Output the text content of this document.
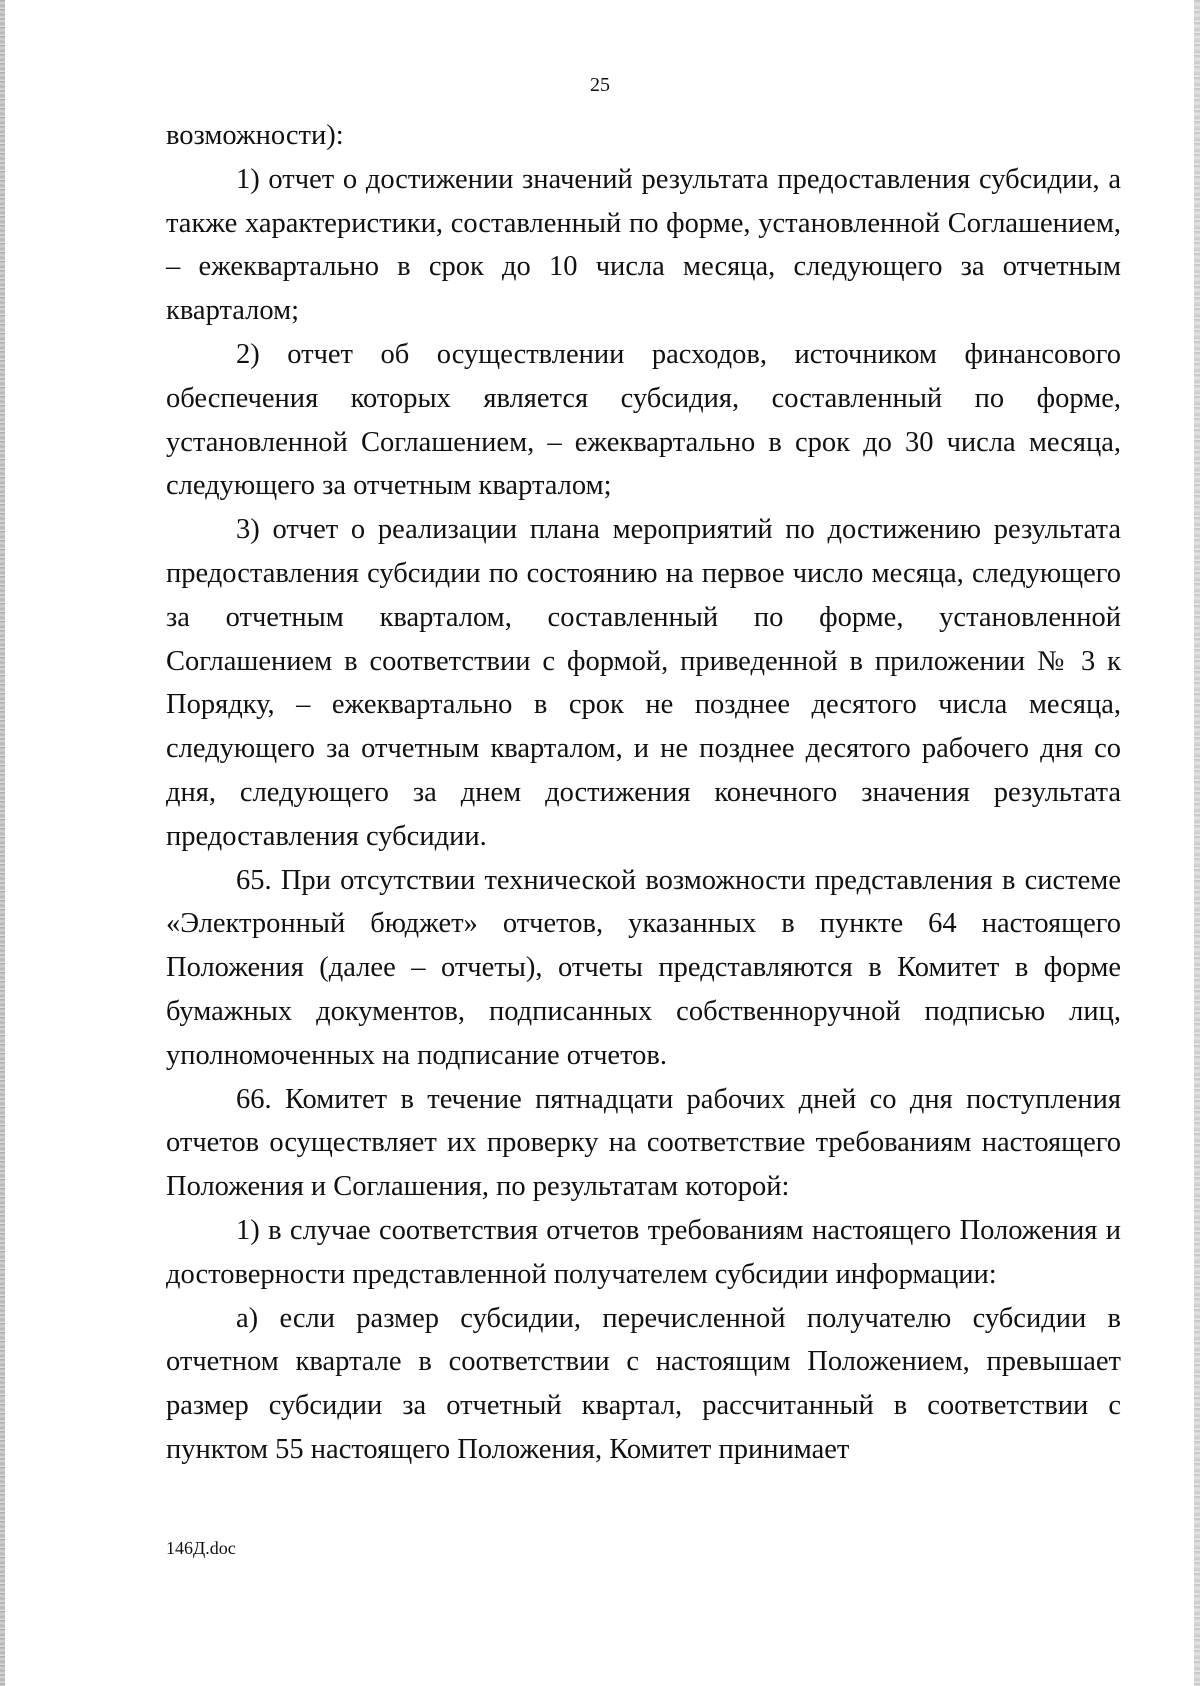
25

возможности):

1) отчет о достижении значений результата предоставления субсидии, а также характеристики, составленный по форме, установленной Соглашением, – ежеквартально в срок до 10 числа месяца, следующего за отчетным кварталом;

2) отчет об осуществлении расходов, источником финансового обеспечения которых является субсидия, составленный по форме, установленной Соглашением, – ежеквартально в срок до 30 числа месяца, следующего за отчетным кварталом;

3) отчет о реализации плана мероприятий по достижению результата предоставления субсидии по состоянию на первое число месяца, следующего за отчетным кварталом, составленный по форме, установленной Соглашением в соответствии с формой, приведенной в приложении № 3 к Порядку, – ежеквартально в срок не позднее десятого числа месяца, следующего за отчетным кварталом, и не позднее десятого рабочего дня со дня, следующего за днем достижения конечного значения результата предоставления субсидии.

65. При отсутствии технической возможности представления в системе «Электронный бюджет» отчетов, указанных в пункте 64 настоящего Положения (далее – отчеты), отчеты представляются в Комитет в форме бумажных документов, подписанных собственноручной подписью лиц, уполномоченных на подписание отчетов.

66. Комитет в течение пятнадцати рабочих дней со дня поступления отчетов осуществляет их проверку на соответствие требованиям настоящего Положения и Соглашения, по результатам которой:

1) в случае соответствия отчетов требованиям настоящего Положения и достоверности представленной получателем субсидии информации:

а) если размер субсидии, перечисленной получателю субсидии в отчетном квартале в соответствии с настоящим Положением, превышает размер субсидии за отчетный квартал, рассчитанный в соответствии с пунктом 55 настоящего Положения, Комитет принимает

146Д.doc
